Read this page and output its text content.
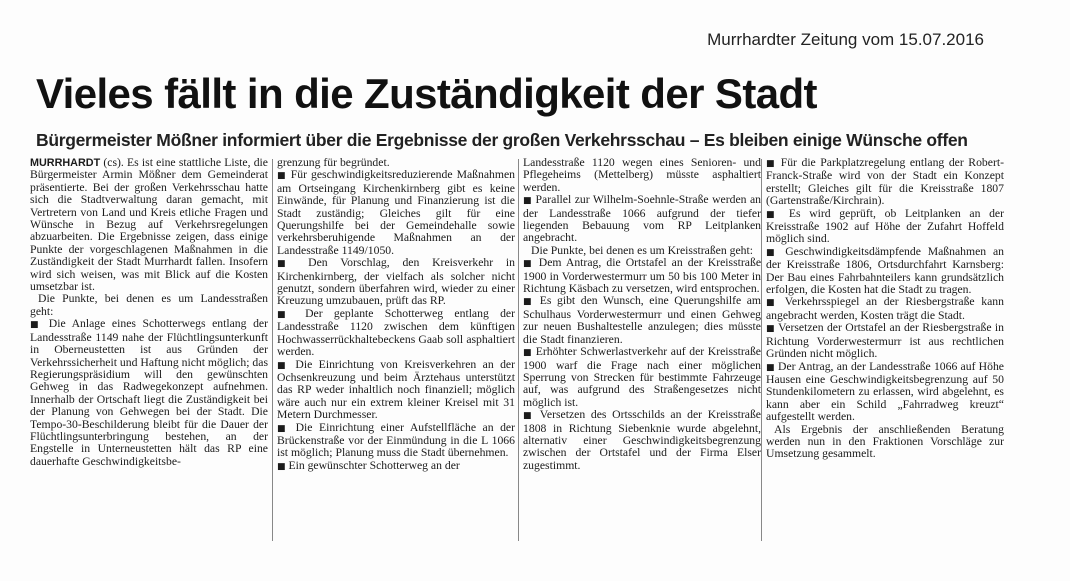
Murrhardter Zeitung vom 15.07.2016
Vieles fällt in die Zuständigkeit der Stadt
Bürgermeister Mößner informiert über die Ergebnisse der großen Verkehrsschau – Es bleiben einige Wünsche offen

MURRHARDT (cs). Es ist eine stattliche Liste, die Bürgermeister Armin Mößner dem Gemeinderat präsentierte. Bei der großen Verkehrsschau hatte sich die Stadtverwaltung daran gemacht, mit Vertretern von Land und Kreis etliche Fragen und Wünsche in Bezug auf Verkehrsregelungen abzuarbeiten. Die Ergebnisse zeigen, dass einige Punkte der vorgeschlagenen Maßnahmen in die Zuständigkeit der Stadt Murrhardt fallen. Insofern wird sich weisen, was mit Blick auf die Kosten umsetzbar ist.

Die Punkte, bei denen es um Landesstraßen geht:

■ Die Anlage eines Schotterwegs entlang der Landesstraße 1149 nahe der Flüchtlingsunterkunft in Oberneustetten ist aus Gründen der Verkehrssicherheit und Haftung nicht möglich; das Regierungspräsidium will den gewünschten Gehweg in das Radwegekonzept aufnehmen. Innerhalb der Ortschaft liegt die Zuständigkeit bei der Planung von Gehwegen bei der Stadt. Die Tempo-30-Beschilderung bleibt für die Dauer der Flüchtlingsunterbringung bestehen, an der Engstelle in Unterneustetten hält das RP eine dauerhafte Geschwindigkeitsbe-

grenzung für begründet.

■ Für geschwindigkeitsreduzierende Maßnahmen am Ortseingang Kirchenkirnberg gibt es keine Einwände, für Planung und Finanzierung ist die Stadt zuständig; Gleiches gilt für eine Querungshilfe bei der Gemeindehalle sowie verkehrsberuhigende Maßnahmen an der Landesstraße 1149/1050.

■ Den Vorschlag, den Kreisverkehr in Kirchenkirnberg, der vielfach als solcher nicht genutzt, sondern überfahren wird, wieder zu einer Kreuzung umzubauen, prüft das RP.

■ Der geplante Schotterweg entlang der Landesstraße 1120 zwischen dem künftigen Hochwasserrückhaltebeckens Gaab soll asphaltiert werden.

■ Die Einrichtung von Kreisverkehren an der Ochsenkreuzung und beim Ärztehaus unterstützt das RP weder inhaltlich noch finanziell; möglich wäre auch nur ein extrem kleiner Kreisel mit 31 Metern Durchmesser.

■ Die Einrichtung einer Aufstellfläche an der Brückenstraße vor der Einmündung in die L 1066 ist möglich; Planung muss die Stadt übernehmen.

■ Ein gewünschter Schotterweg an der

Landesstraße 1120 wegen eines Senioren- und Pflegeheims (Mettelberg) müsste asphaltiert werden.

■ Parallel zur Wilhelm-Soehnle-Straße werden an der Landesstraße 1066 aufgrund der tiefer liegenden Bebauung vom RP Leitplanken angebracht.

Die Punkte, bei denen es um Kreisstraßen geht:

■ Dem Antrag, die Ortstafel an der Kreisstraße 1900 in Vorderwestermurr um 50 bis 100 Meter in Richtung Käsbach zu versetzen, wird entsprochen.

■ Es gibt den Wunsch, eine Querungshilfe am Schulhaus Vorderwestermurr und einen Gehweg zur neuen Bushaltestelle anzulegen; dies müsste die Stadt finanzieren.

■ Erhöhter Schwerlastverkehr auf der Kreisstraße 1900 warf die Frage nach einer möglichen Sperrung von Strecken für bestimmte Fahrzeuge auf, was aufgrund des Straßengesetzes nicht möglich ist.

■ Versetzen des Ortsschilds an der Kreisstraße 1808 in Richtung Siebenknie wurde abgelehnt, alternativ einer Geschwindigkeitsbegrenzung zwischen der Ortstafel und der Firma Elser zugestimmt.

■ Für die Parkplatzregelung entlang der Robert-Franck-Straße wird von der Stadt ein Konzept erstellt; Gleiches gilt für die Kreisstraße 1807 (Gartenstraße/Kirchrain).

■ Es wird geprüft, ob Leitplanken an der Kreisstraße 1902 auf Höhe der Zufahrt Hoffeld möglich sind.

■ Geschwindigkeitsdämpfende Maßnahmen an der Kreisstraße 1806, Ortsdurchfahrt Karnsberg: Der Bau eines Fahrbahnteilers kann grundsätzlich erfolgen, die Kosten hat die Stadt zu tragen.

■ Verkehrsspiegel an der Riesbergstraße kann angebracht werden, Kosten trägt die Stadt.

■ Versetzen der Ortstafel an der Riesbergstraße in Richtung Vorderwestermurr ist aus rechtlichen Gründen nicht möglich.

■ Der Antrag, an der Landesstraße 1066 auf Höhe Hausen eine Geschwindigkeitsbegrenzung auf 50 Stundenkilometern zu erlassen, wird abgelehnt, es kann aber ein Schild „Fahrradweg kreuzt“ aufgestellt werden.

Als Ergebnis der anschließenden Beratung werden nun in den Fraktionen Vorschläge zur Umsetzung gesammelt.
